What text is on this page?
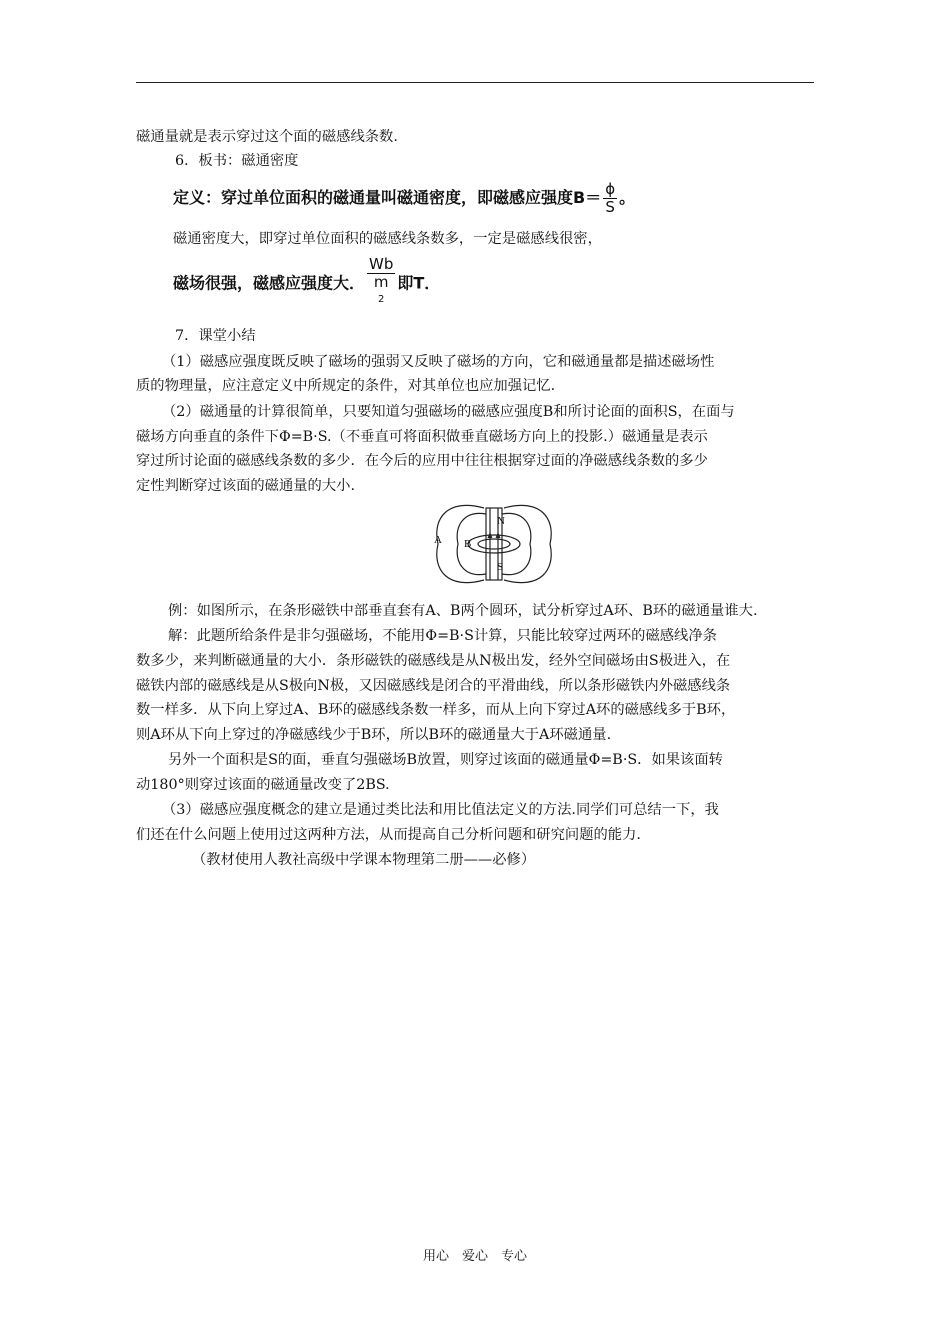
磁通量就是表示穿过这个面的磁感线条数.
6．板书：磁通密度
定义：穿过单位面积的磁通量叫磁通密度，即磁感应强度$B= \frac{\phi}{S}$ 。
磁通密度大，即穿过单位面积的磁感线条数多，一定是磁感线很密，
磁场很强，磁感应强度大． Wb
m
$^2$ 即T．
7．课堂小结
（1）磁感应强度既反映了磁场的强弱又反映了磁场的方向，它和磁通量都是描述磁场性
质的物理量，应注意定义中所规定的条件，对其单位也应加强记忆.
（2）磁通量的计算很简单，只要知道匀强磁场的磁感应强度B和所讨论面的面积S，在面与
磁场方向垂直的条件下Φ=B·S.（不垂直可将面积做垂直磁场方向上的投影.）磁通量是表示
穿过所讨论面的磁感线条数的多少．在今后的应用中往往根据穿过面的净磁感线条数的多少
定性判断穿过该面的磁通量的大小.
A B
N
S
例：如图所示，在条形磁铁中部垂直套有A、B两个圆环，试分析穿过A环、B环的磁通量谁大.
解：此题所给条件是非匀强磁场，不能用Φ=B·S计算，只能比较穿过两环的磁感线净条
数多少，来判断磁通量的大小．条形磁铁的磁感线是从N极出发，经外空间磁场由S极进入，在
磁铁内部的磁感线是从S极向N极，又因磁感线是闭合的平滑曲线，所以条形磁铁内外磁感线条
数一样多．从下向上穿过A、B环的磁感线条数一样多，而从上向下穿过A环的磁感线多于B环，
则A环从下向上穿过的净磁感线少于B环，所以B环的磁通量大于A环磁通量.
另外一个面积是S的面，垂直匀强磁场B放置，则穿过该面的磁通量Φ=B·S．如果该面转
动180°则穿过该面的磁通量改变了2BS.
（3）磁感应强度概念的建立是通过类比法和用比值法定义的方法.同学们可总结一下，我
们还在什么问题上使用过这两种方法，从而提高自己分析问题和研究问题的能力.
（教材使用人教社高级中学课本物理第二册——必修）
用心　爱心　专心
